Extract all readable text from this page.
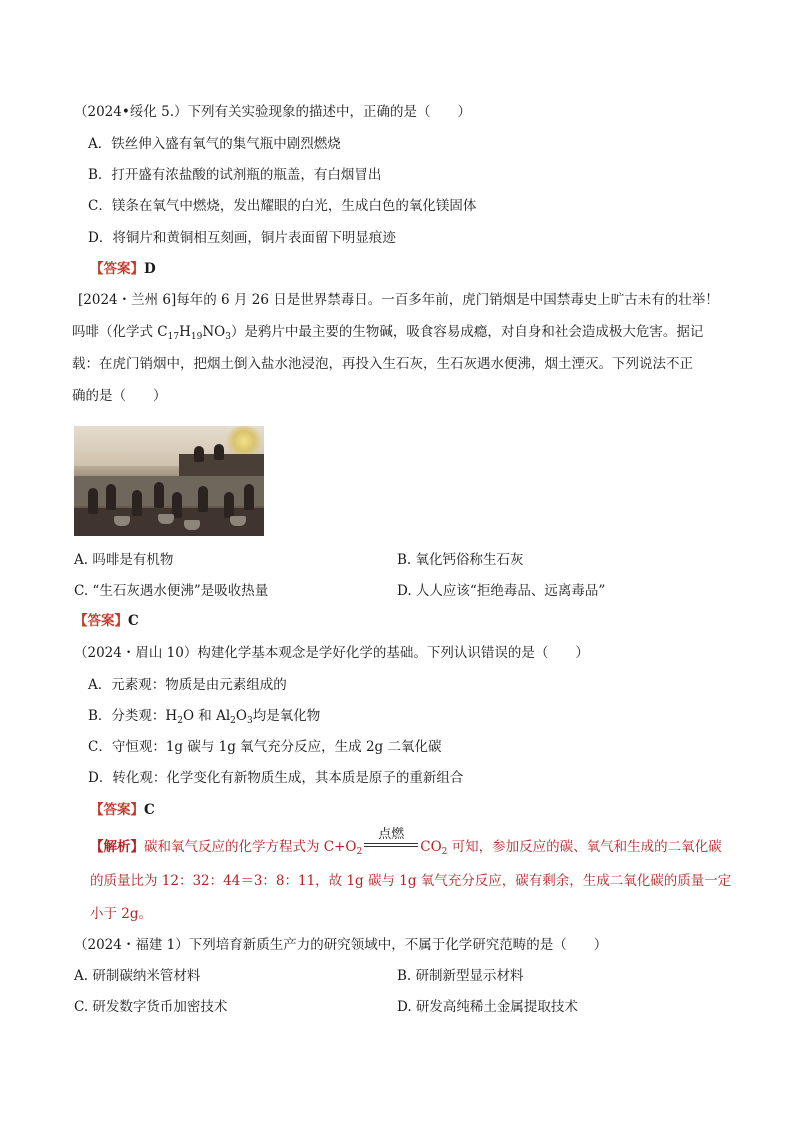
（2024•绥化 5.）下列有关实验现象的描述中，正确的是（　　）
A．铁丝伸入盛有氧气的集气瓶中剧烈燃烧
B．打开盛有浓盐酸的试剂瓶的瓶盖，有白烟冒出
C．镁条在氧气中燃烧，发出耀眼的白光，生成白色的氧化镁固体
D．将铜片和黄铜相互刻画，铜片表面留下明显痕迹
【答案】D
[2024・兰州 6]每年的 6 月 26 日是世界禁毒日。一百多年前，虎门销烟是中国禁毒史上旷古未有的壮举！
吗啡（化学式 $C_{17}H_{19}NO_3$）是鸦片中最主要的生物碱，吸食容易成瘾，对自身和社会造成极大危害。据记
载：在虎门销烟中，把烟土倒入盐水池浸泡，再投入生石灰，生石灰遇水便沸，烟土湮灭。下列说法不正
确的是（　　）
A. 吗啡是有机物	B. 氧化钙俗称生石灰
C. “生石灰遇水便沸”是吸收热量	D. 人人应该“拒绝毒品、远离毒品”
【答案】C
（2024・眉山 10）构建化学基本观念是学好化学的基础。下列认识错误的是（　　）
A．元素观：物质是由元素组成的
B．分类观：$H_2O$ 和 $Al_2O_3$均是氧化物
C．守恒观：1g 碳与 1g 氧气充分反应，生成 2g 二氧化碳
D．转化观：化学变化有新物质生成，其本质是原子的重新组合
【答案】C
【解析】碳和氧气反应的化学方程式为 $C+O_2$
点燃
$CO_2$ 可知，参加反应的碳、氧气和生成的二氧化碳
的质量比为 12：32：44＝3：8：11，故 1g 碳与 1g 氧气充分反应，碳有剩余，生成二氧化碳的质量一定
小于 2g。
（2024・福建 1）下列培育新质生产力的研究领域中，不属于化学研究范畴的是（　　）
A. 研制碳纳米管材料	B. 研制新型显示材料
C. 研发数字货币加密技术	D. 研发高纯稀土金属提取技术
